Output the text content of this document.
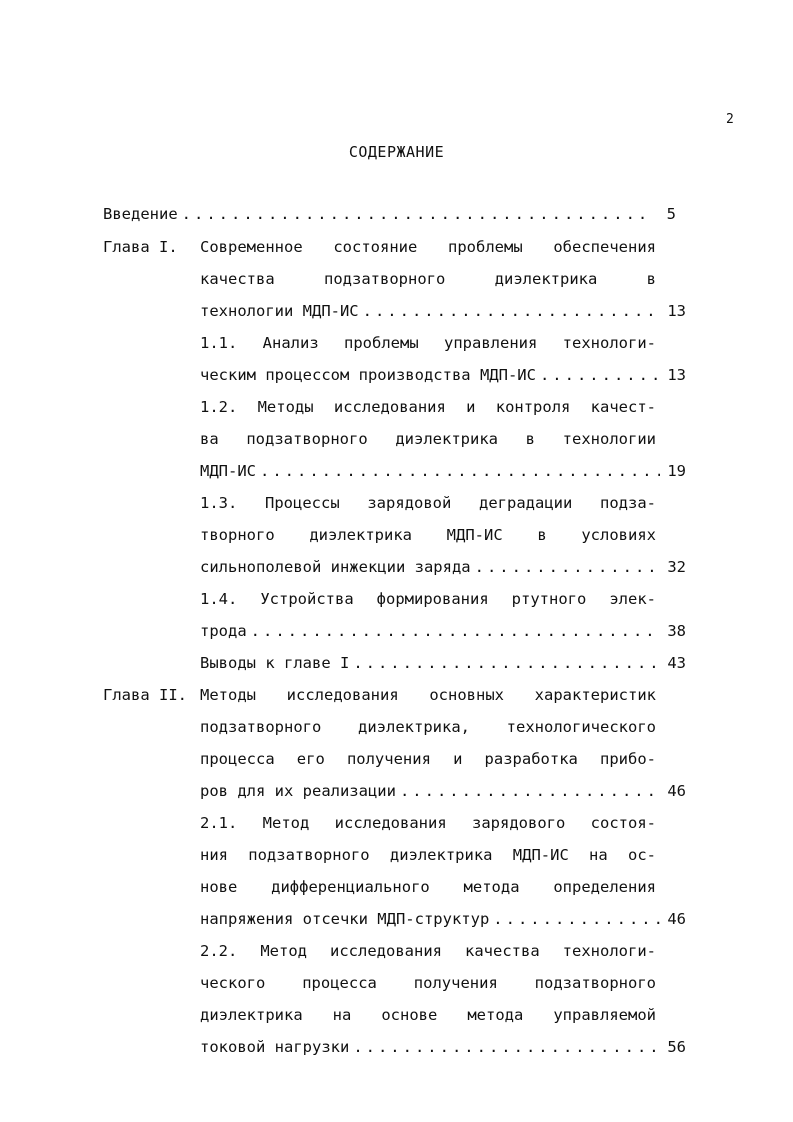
2
СОДЕРЖАНИЕ
Введение .....	5
Глава I.	Современное состояние проблемы обеспечения
качества подзатворного диэлектрика в
технологии МДП-ИС .....	13
1.1. Анализ проблемы управления технологи-
ческим процессом производства МДП-ИС .....	13
1.2. Методы исследования и контроля качест-
ва подзатворного диэлектрика в технологии
МДП-ИС .....	19
1.3. Процессы зарядовой деградации подза-
творного диэлектрика МДП-ИС в условиях
сильнополевой инжекции заряда .....	32
1.4. Устройства формирования ртутного элек-
трода .....	38
Выводы к главе I .....	43
Глава II. Методы исследования основных характеристик
подзатворного диэлектрика, технологического
процесса его получения и разработка прибо-
ров для их реализации .....	46
2.1. Метод исследования зарядового состоя-
ния подзатворного диэлектрика МДП-ИС на ос-
нове дифференциального метода определения
напряжения отсечки МДП-структур .....	46
2.2. Метод исследования качества технологи-
ческого процесса получения подзатворного
диэлектрика на основе метода управляемой
токовой нагрузки .....	56
